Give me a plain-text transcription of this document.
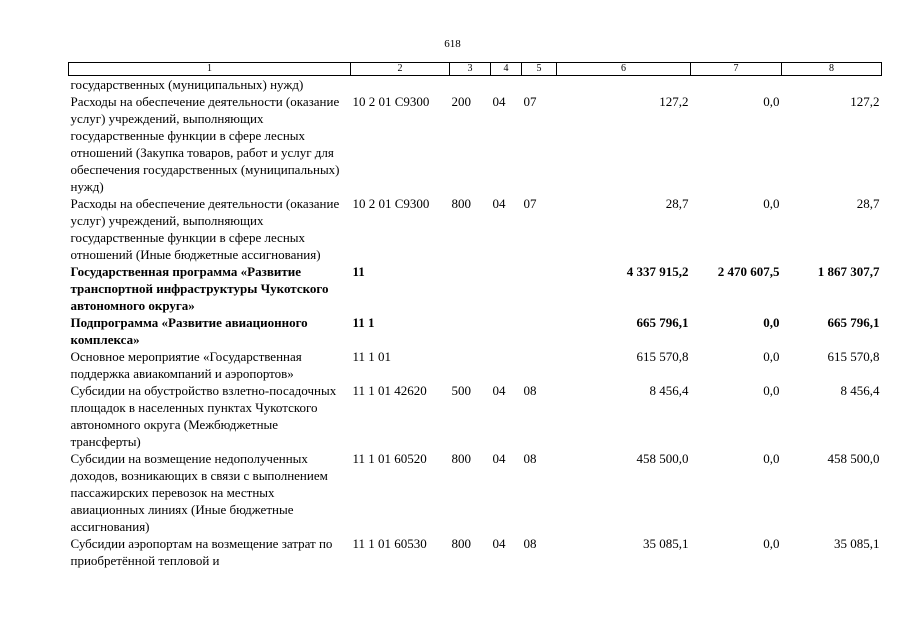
618
1	2	3	4	5	6	7	8
государственных (муниципальных) нужд)							
Расходы на обеспечение деятельности (оказание услуг) учреждений, выполняющих государственные функции в сфере лесных отношений (Закупка товаров, работ и услуг для обеспечения государственных (муниципальных) нужд)	10 2 01 С9300	200	04	07	127,2	0,0	127,2
Расходы на обеспечение деятельности (оказание услуг) учреждений, выполняющих государственные функции в сфере лесных отношений (Иные бюджетные ассигнования)	10 2 01 С9300	800	04	07	28,7	0,0	28,7
Государственная программа «Развитие транспортной инфраструктуры Чукотского автономного округа»	11				4 337 915,2	2 470 607,5	1 867 307,7
Подпрограмма «Развитие авиационного комплекса»	11 1				665 796,1	0,0	665 796,1
Основное мероприятие «Государственная поддержка авиакомпаний и аэропортов»	11 1 01				615 570,8	0,0	615 570,8
Субсидии на обустройство взлетно-посадочных площадок в населенных пунктах Чукотского автономного округа (Межбюджетные трансферты)	11 1 01 42620	500	04	08	8 456,4	0,0	8 456,4
Субсидии на возмещение недополученных доходов, возникающих в связи с выполнением пассажирских перевозок на местных авиационных линиях (Иные бюджетные ассигнования)	11 1 01 60520	800	04	08	458 500,0	0,0	458 500,0
Субсидии аэропортам на возмещение затрат по приобретённой тепловой и	11 1 01 60530	800	04	08	35 085,1	0,0	35 085,1
